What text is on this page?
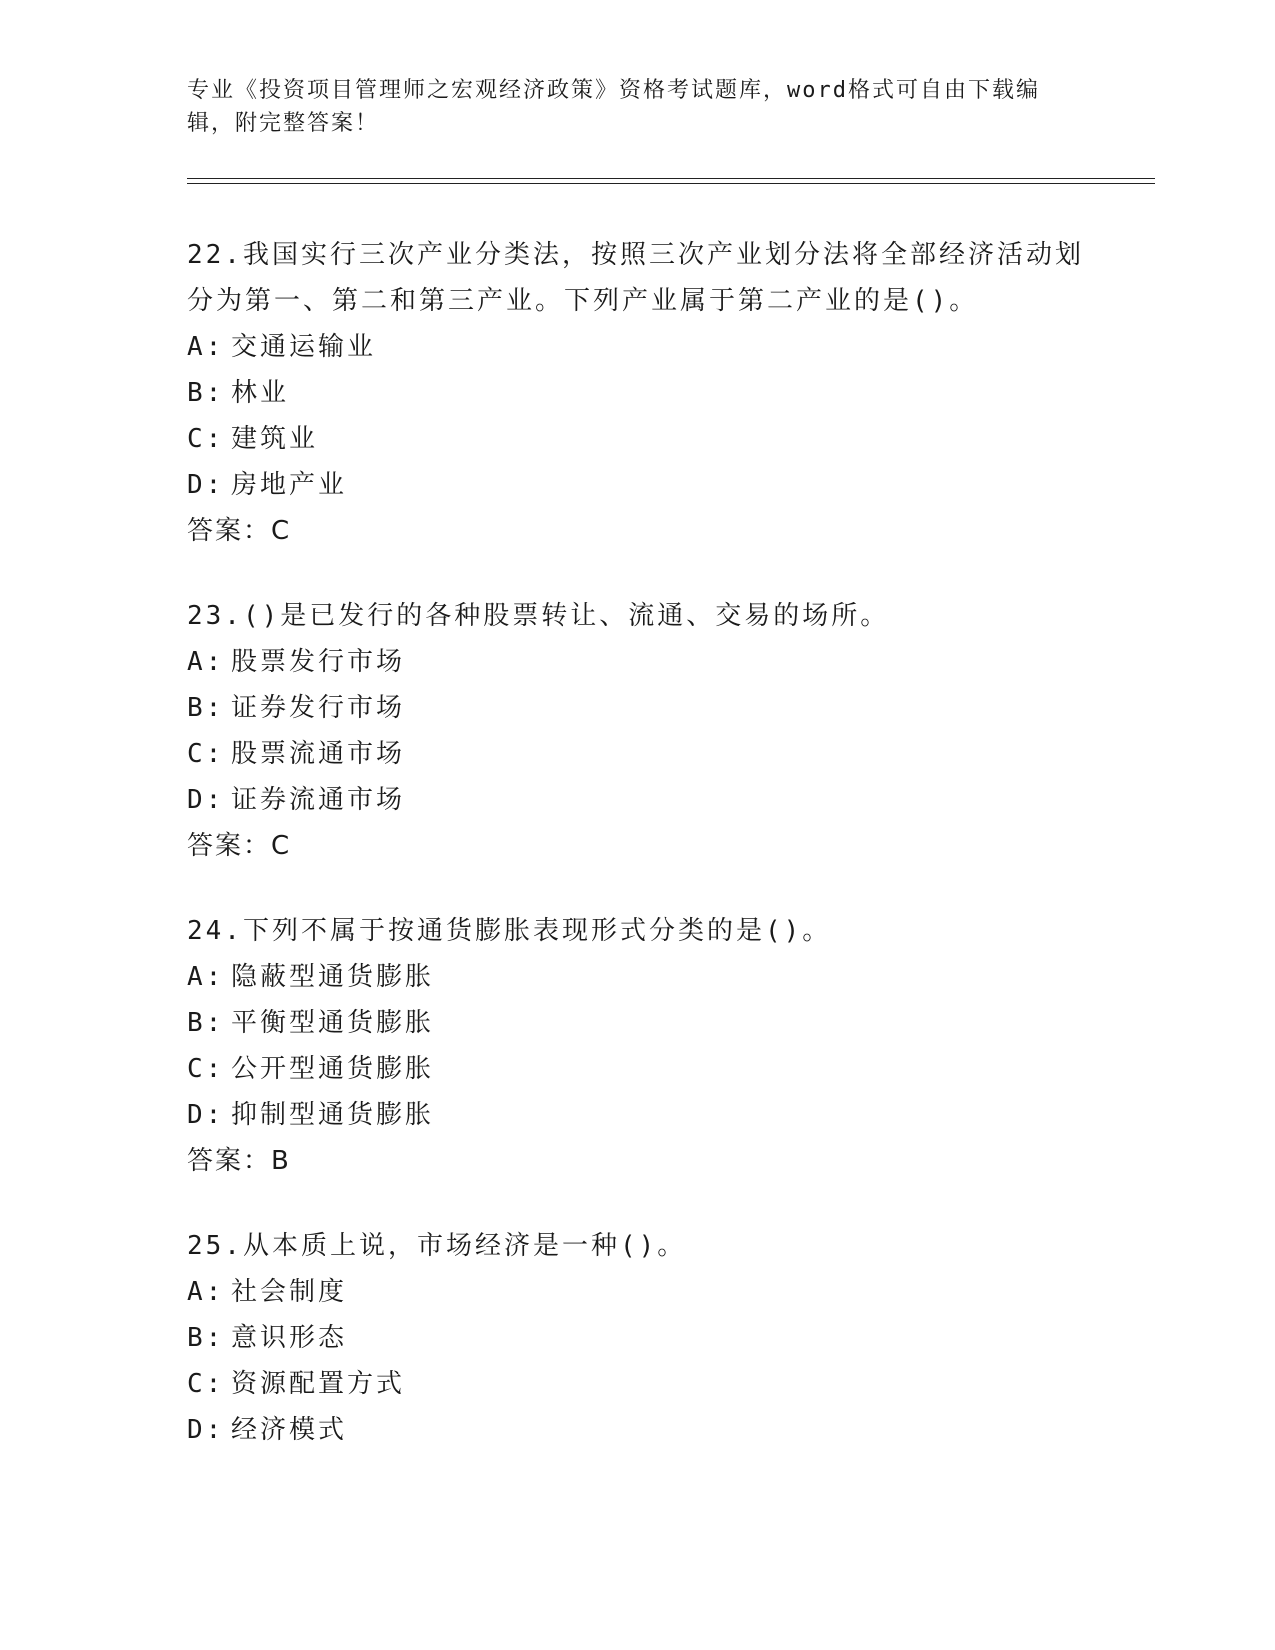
专业《投资项目管理师之宏观经济政策》资格考试题库，word格式可自由下载编辑，附完整答案！
22.我国实行三次产业分类法，按照三次产业划分法将全部经济活动划分为第一、第二和第三产业。下列产业属于第二产业的是()。
A: 交通运输业
B: 林业
C: 建筑业
D: 房地产业
答案：C
23.()是已发行的各种股票转让、流通、交易的场所。
A: 股票发行市场
B: 证券发行市场
C: 股票流通市场
D: 证券流通市场
答案：C
24.下列不属于按通货膨胀表现形式分类的是()。
A: 隐蔽型通货膨胀
B: 平衡型通货膨胀
C: 公开型通货膨胀
D: 抑制型通货膨胀
答案：B
25.从本质上说，市场经济是一种()。
A: 社会制度
B: 意识形态
C: 资源配置方式
D: 经济模式
